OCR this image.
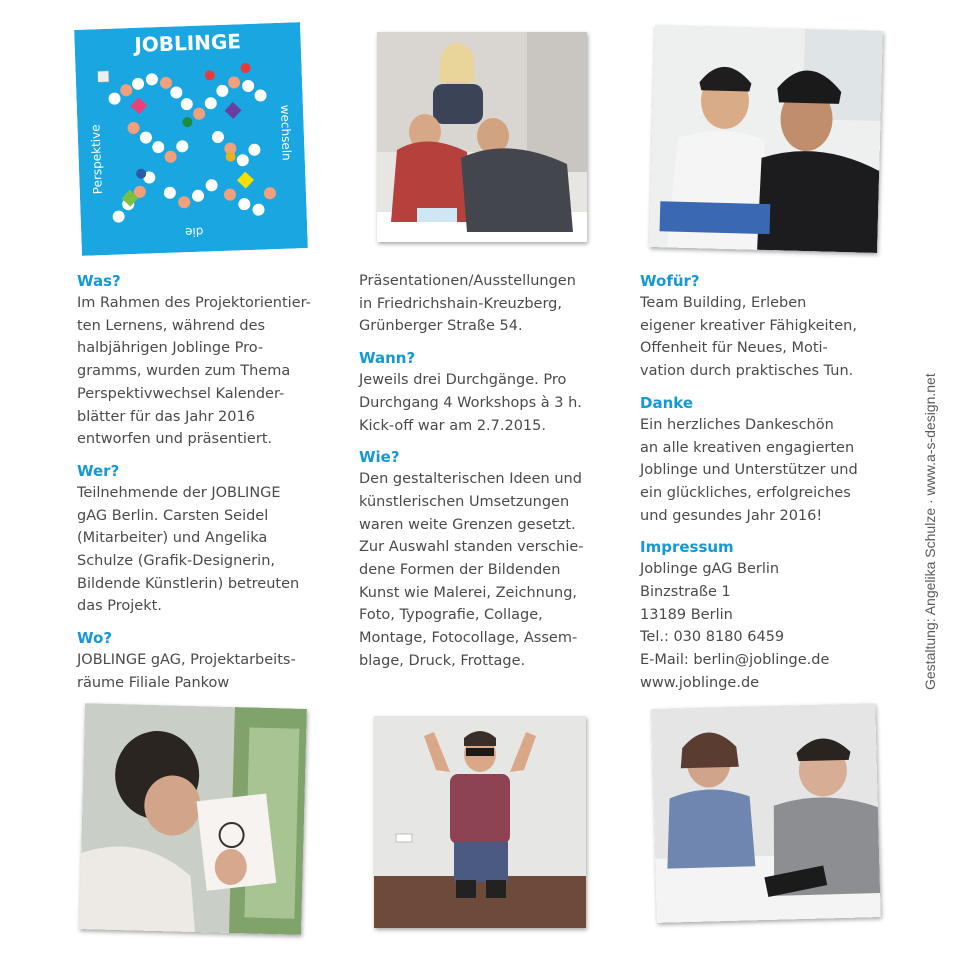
JOBLINGE
Perspektive	wechseln
die

Was?

Im Rahmen des Projektorientier-
ten Lernens, während des
halbjährigen Joblinge Pro-
gramms, wurden zum Thema
Perspektivwechsel Kalender-
blätter für das Jahr 2016
entworfen und präsentiert.

Wer?

Teilnehmende der JOBLINGE
gAG Berlin. Carsten Seidel
(Mitarbeiter) und Angelika
Schulze (Grafik-Designerin,
Bildende Künstlerin) betreuten
das Projekt.

Wo?

JOBLINGE gAG, Projektarbeits-
räume Filiale Pankow

Präsentationen/Ausstellungen
in Friedrichshain-Kreuzberg,
Grünberger Straße 54.

Wann?

Jeweils drei Durchgänge. Pro
Durchgang 4 Workshops à 3 h.
Kick-off war am 2.7.2015.

Wie?

Den gestalterischen Ideen und
künstlerischen Umsetzungen
waren weite Grenzen gesetzt.
Zur Auswahl standen verschie-
dene Formen der Bildenden
Kunst wie Malerei, Zeichnung,
Foto, Typografie, Collage,
Montage, Fotocollage, Assem-
blage, Druck, Frottage.

Wofür?

Team Building, Erleben
eigener kreativer Fähigkeiten,
Offenheit für Neues, Moti-
vation durch praktisches Tun.

Danke

Ein herzliches Dankeschön
an alle kreativen engagierten
Joblinge und Unterstützer und
ein glückliches, erfolgreiches
und gesundes Jahr 2016!

Impressum

Joblinge gAG Berlin
Binzstraße 1
13189 Berlin
Tel.: 030 8180 6459
E-Mail: berlin@joblinge.de
www.joblinge.de	Gestaltung: Angelika Schulze · www.a-s-design.net
